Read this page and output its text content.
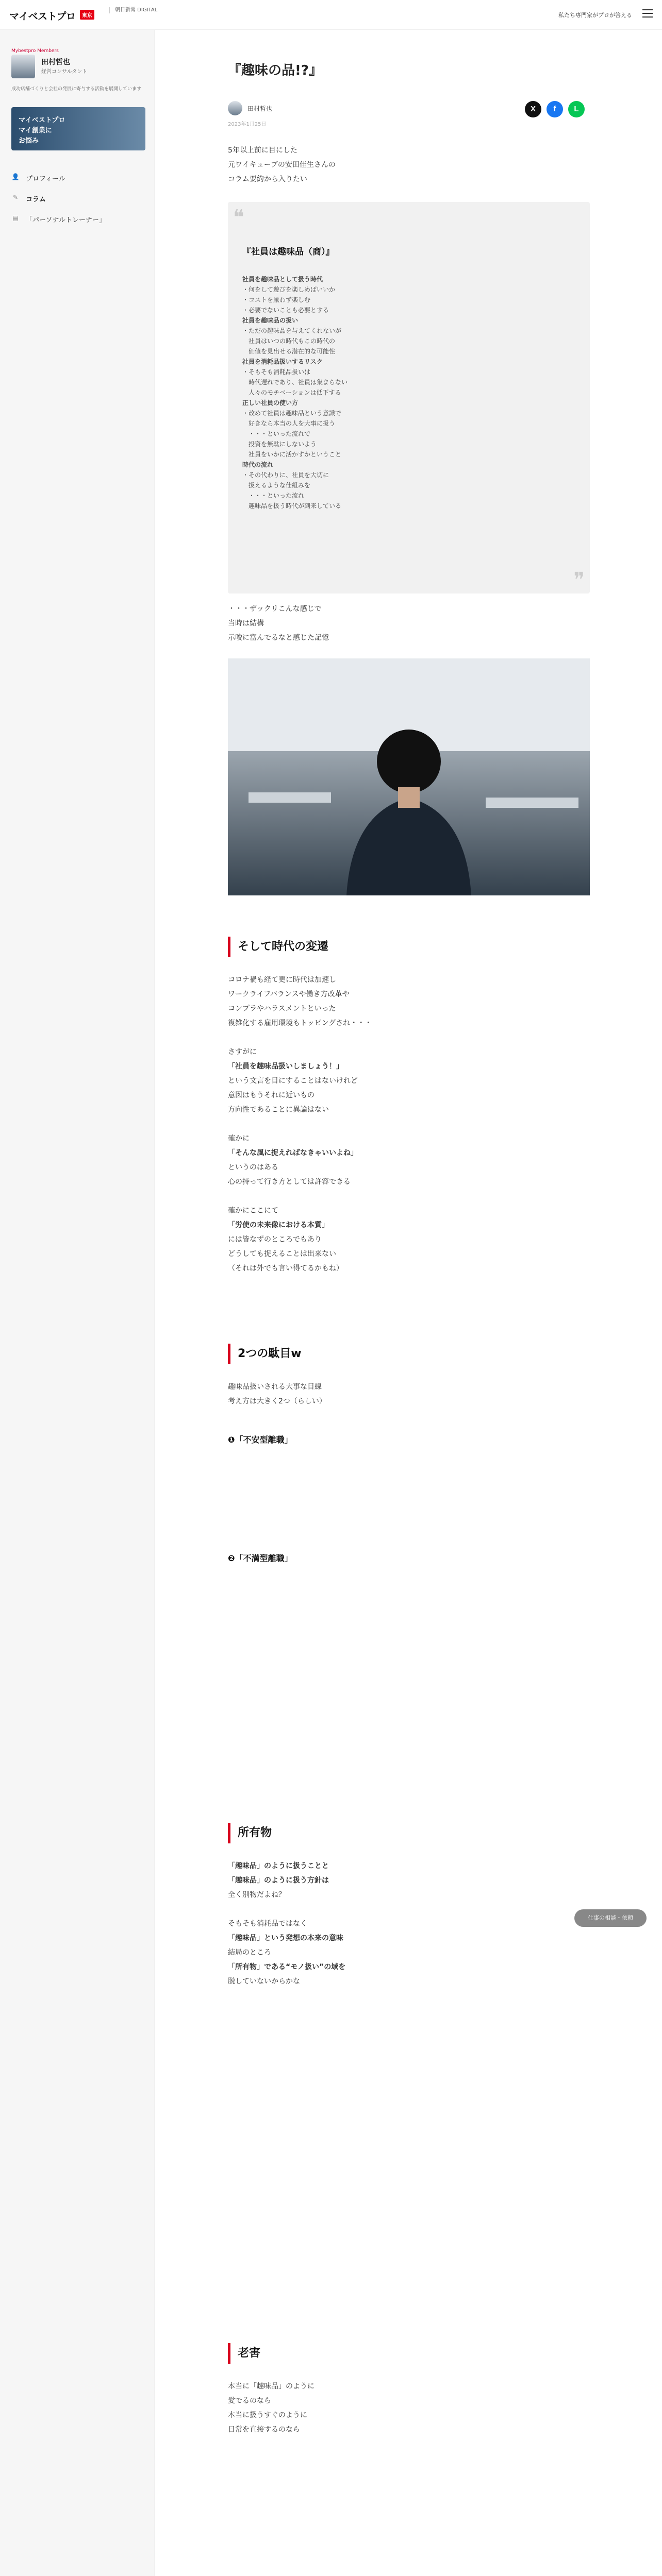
マイベストプロ	東京
朝日新聞 DIGITAL
私たち専門家がプロが答える
Mybestpro Members
田村哲也
経営コンサルタント
成功店舗づくりと会社の発展に寄与する活動を展開しています
マイベストプロ
マイ創業に
お悩み
👤 プロフィール
✎ コラム
▤ 「パーソナルトレーナー」
『趣味の品!?』
田村哲也
2023年1月25日
X	f	L
5年以上前に目にした
元ワイキューブの安田佳生さんの
コラム要約から入りたい
❝
『社員は趣味品（商）』
社員を趣味品として扱う時代
・何をして遊びを楽しめばいいか
・コストを厭わず楽しむ
・必要でないことも必要とする
社員を趣味品の扱い
・ただの趣味品を与えてくれないが
　社員はいつの時代もこの時代の
　価値を見出せる潜在的な可能性
社員を消耗品扱いするリスク
・そもそも消耗品扱いは
　時代遅れであり、社員は集まらない
　人々のモチベーションは低下する
正しい社員の使い方
・改めて社員は趣味品という意識で
　好きなら本当の人を大事に扱う
　・・・といった流れで
　投資を無駄にしないよう
　社員をいかに活かすかということ
時代の流れ
・その代わりに、社員を大切に
　扱えるような仕組みを
　・・・といった流れ
　趣味品を扱う時代が到来している
❞
・・・ザックリこんな感じで
当時は結構
示唆に富んでるなと感じた記憶
そして時代の変遷
コロナ禍も経て更に時代は加速し
ワークライフバランスや働き方改革や
コンプラやハラスメントといった
複雑化する雇用環境もトッピングされ・・・
さすがに
「社員を趣味品扱いしましょう！」
という文言を目にすることはないけれど
意図はもうそれに近いもの
方向性であることに異論はない
確かに
「そんな風に捉えればなきゃいいよね」
というのはある
心の持って行き方としては許容できる
確かにここにて
「労使の未来像における本質」
には皆なずのところでもあり
どうしても捉えることは出来ない
（それは外でも言い得てるかもね）
2つの駄目w
趣味品扱いされる大事な目線
考え方は大きく2つ（らしい）
❶「不安型離職」
❷「不満型離職」
所有物
「趣味品」のように扱うことと
「趣味品」のように扱う方針は
全く別物だよね？
そもそも消耗品ではなく
「趣味品」という発想の本来の意味
結局のところ
「所有物」である“モノ扱い”の域を
脱していないからかな
老害
本当に「趣味品」のように
愛でるのなら
本当に扱うすぐのように
日常を直接するのなら
仕事の相談・依頼
